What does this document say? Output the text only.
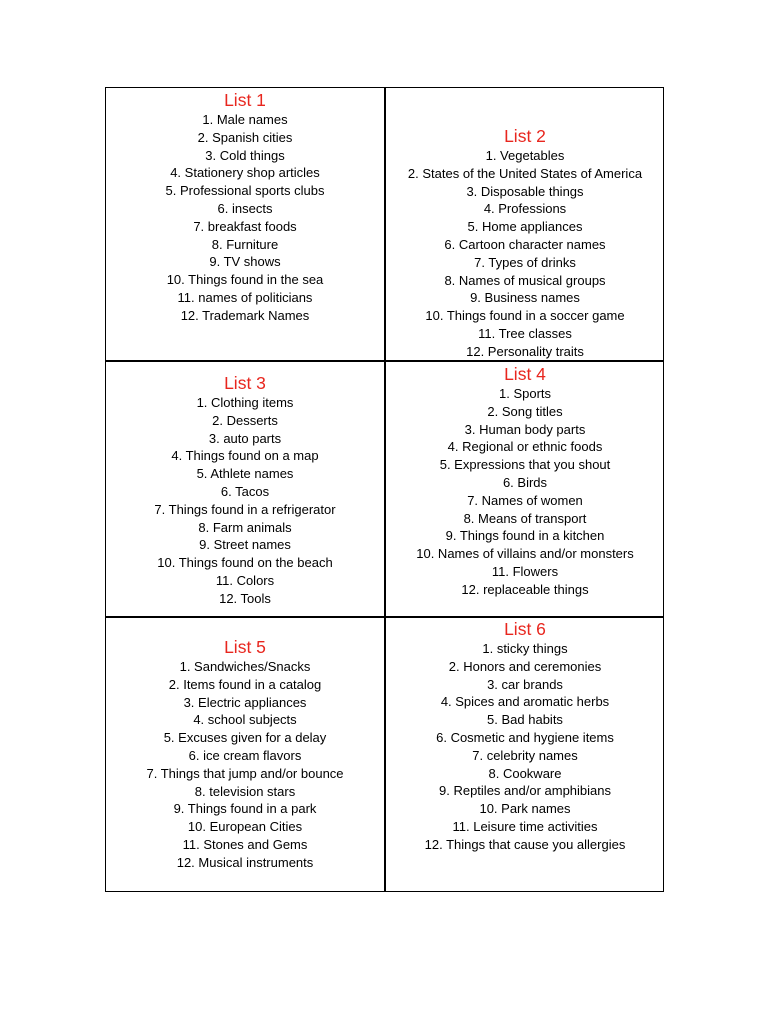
List 1
1. Male names
2. Spanish cities
3. Cold things
4. Stationery shop articles
5. Professional sports clubs
6. insects
7. breakfast foods
8. Furniture
9. TV shows
10. Things found in the sea
11. names of politicians
12. Trademark Names
List 2
1. Vegetables
2. States of the United States of America
3. Disposable things
4. Professions
5. Home appliances
6. Cartoon character names
7. Types of drinks
8. Names of musical groups
9. Business names
10. Things found in a soccer game
11. Tree classes
12. Personality traits
List 3
1. Clothing items
2. Desserts
3. auto parts
4. Things found on a map
5. Athlete names
6. Tacos
7. Things found in a refrigerator
8. Farm animals
9. Street names
10. Things found on the beach
11. Colors
12. Tools
List 4
1. Sports
2. Song titles
3. Human body parts
4. Regional or ethnic foods
5. Expressions that you shout
6. Birds
7. Names of women
8. Means of transport
9. Things found in a kitchen
10. Names of villains and/or monsters
11. Flowers
12. replaceable things
List 5
1. Sandwiches/Snacks
2. Items found in a catalog
3. Electric appliances
4. school subjects
5. Excuses given for a delay
6. ice cream flavors
7. Things that jump and/or bounce
8. television stars
9. Things found in a park
10. European Cities
11. Stones and Gems
12. Musical instruments
List 6
1. sticky things
2. Honors and ceremonies
3. car brands
4. Spices and aromatic herbs
5. Bad habits
6. Cosmetic and hygiene items
7. celebrity names
8. Cookware
9. Reptiles and/or amphibians
10. Park names
11. Leisure time activities
12. Things that cause you allergies
